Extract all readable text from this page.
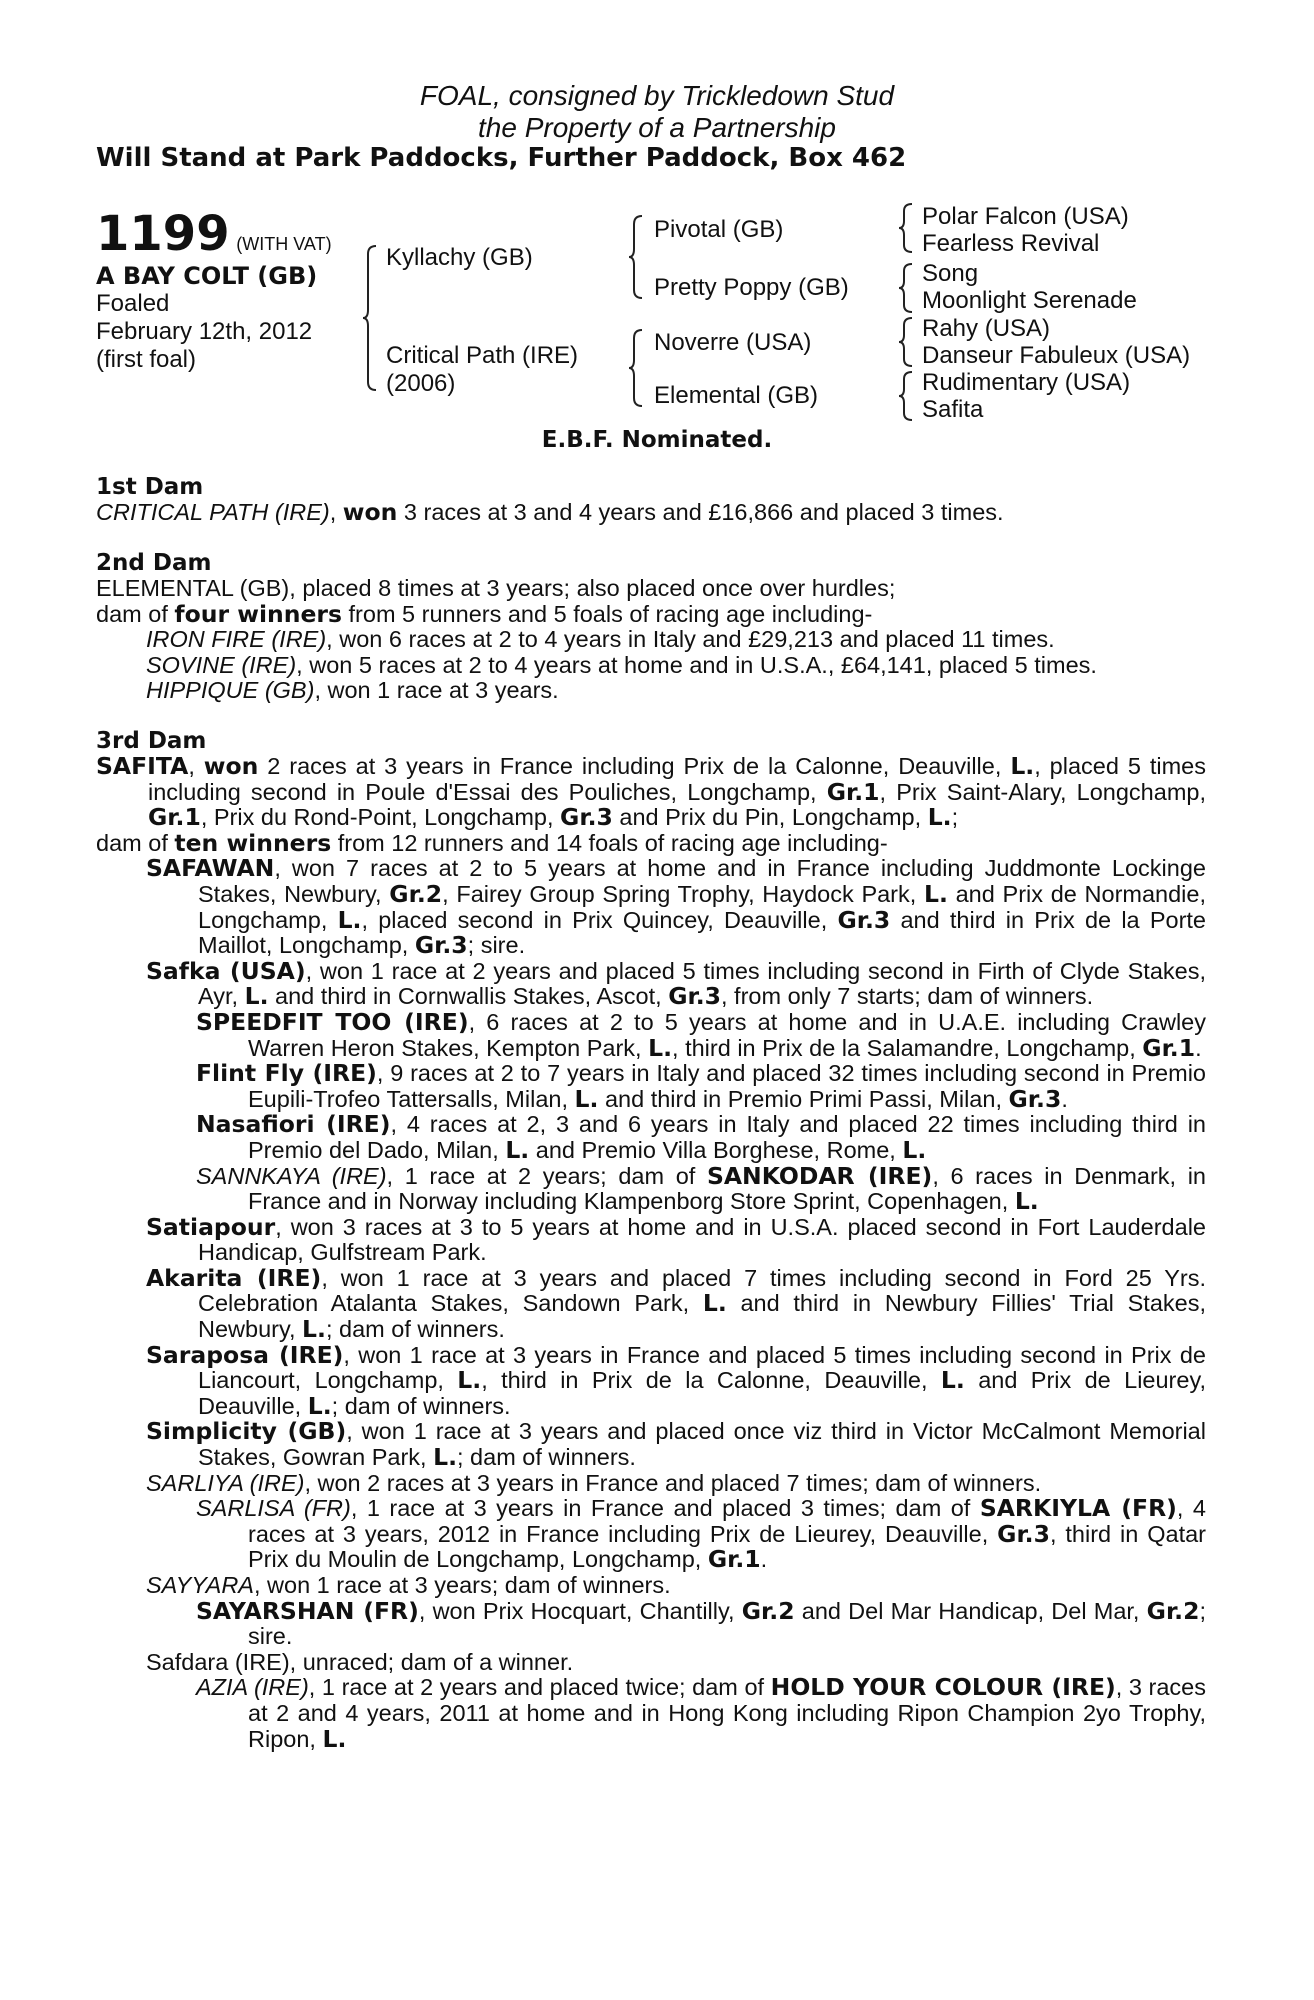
FOAL, consigned by Trickledown Stud
the Property of a Partnership
Will Stand at Park Paddocks, Further Paddock, Box 462
1199 (WITH VAT)
A BAY COLT (GB)
Foaled
February 12th, 2012
(first foal)
Kyllachy (GB)
Critical Path (IRE)
(2006)
Pivotal (GB)
Pretty Poppy (GB)
Noverre (USA)
Elemental (GB)
Polar Falcon (USA)
Fearless Revival
Song
Moonlight Serenade
Rahy (USA)
Danseur Fabuleux (USA)
Rudimentary (USA)
Safita
E.B.F. Nominated.

1st Dam

CRITICAL PATH (IRE), won 3 races at 3 and 4 years and £16,866 and placed 3 times.

2nd Dam

ELEMENTAL (GB), placed 8 times at 3 years; also placed once over hurdles;

dam of four winners from 5 runners and 5 foals of racing age including-

IRON FIRE (IRE), won 6 races at 2 to 4 years in Italy and £29,213 and placed 11 times.

SOVINE (IRE), won 5 races at 2 to 4 years at home and in U.S.A., £64,141, placed 5 times.

HIPPIQUE (GB), won 1 race at 3 years.

3rd Dam

SAFITA, won 2 races at 3 years in France including Prix de la Calonne, Deauville, L., placed 5 times including second in Poule d'Essai des Pouliches, Longchamp, Gr.1, Prix Saint-Alary, Longchamp, Gr.1, Prix du Rond-Point, Longchamp, Gr.3 and Prix du Pin, Longchamp, L.;

dam of ten winners from 12 runners and 14 foals of racing age including-

SAFAWAN, won 7 races at 2 to 5 years at home and in France including Juddmonte Lockinge Stakes, Newbury, Gr.2, Fairey Group Spring Trophy, Haydock Park, L. and Prix de Normandie, Longchamp, L., placed second in Prix Quincey, Deauville, Gr.3 and third in Prix de la Porte Maillot, Longchamp, Gr.3; sire.

Safka (USA), won 1 race at 2 years and placed 5 times including second in Firth of Clyde Stakes, Ayr, L. and third in Cornwallis Stakes, Ascot, Gr.3, from only 7 starts; dam of winners.

SPEEDFIT TOO (IRE), 6 races at 2 to 5 years at home and in U.A.E. including Crawley Warren Heron Stakes, Kempton Park, L., third in Prix de la Salamandre, Longchamp, Gr.1.

Flint Fly (IRE), 9 races at 2 to 7 years in Italy and placed 32 times including second in Premio Eupili-Trofeo Tattersalls, Milan, L. and third in Premio Primi Passi, Milan, Gr.3.

Nasafiori (IRE), 4 races at 2, 3 and 6 years in Italy and placed 22 times including third in Premio del Dado, Milan, L. and Premio Villa Borghese, Rome, L.

SANNKAYA (IRE), 1 race at 2 years; dam of SANKODAR (IRE), 6 races in Denmark, in France and in Norway including Klampenborg Store Sprint, Copenhagen, L.

Satiapour, won 3 races at 3 to 5 years at home and in U.S.A. placed second in Fort Lauderdale Handicap, Gulfstream Park.

Akarita (IRE), won 1 race at 3 years and placed 7 times including second in Ford 25 Yrs. Celebration Atalanta Stakes, Sandown Park, L. and third in Newbury Fillies' Trial Stakes, Newbury, L.; dam of winners.

Saraposa (IRE), won 1 race at 3 years in France and placed 5 times including second in Prix de Liancourt, Longchamp, L., third in Prix de la Calonne, Deauville, L. and Prix de Lieurey, Deauville, L.; dam of winners.

Simplicity (GB), won 1 race at 3 years and placed once viz third in Victor McCalmont Memorial Stakes, Gowran Park, L.; dam of winners.

SARLIYA (IRE), won 2 races at 3 years in France and placed 7 times; dam of winners.

SARLISA (FR), 1 race at 3 years in France and placed 3 times; dam of SARKIYLA (FR), 4 races at 3 years, 2012 in France including Prix de Lieurey, Deauville, Gr.3, third in Qatar Prix du Moulin de Longchamp, Longchamp, Gr.1.

SAYYARA, won 1 race at 3 years; dam of winners.

SAYARSHAN (FR), won Prix Hocquart, Chantilly, Gr.2 and Del Mar Handicap, Del Mar, Gr.2; sire.

Safdara (IRE), unraced; dam of a winner.

AZIA (IRE), 1 race at 2 years and placed twice; dam of HOLD YOUR COLOUR (IRE), 3 races at 2 and 4 years, 2011 at home and in Hong Kong including Ripon Champion 2yo Trophy, Ripon, L.
